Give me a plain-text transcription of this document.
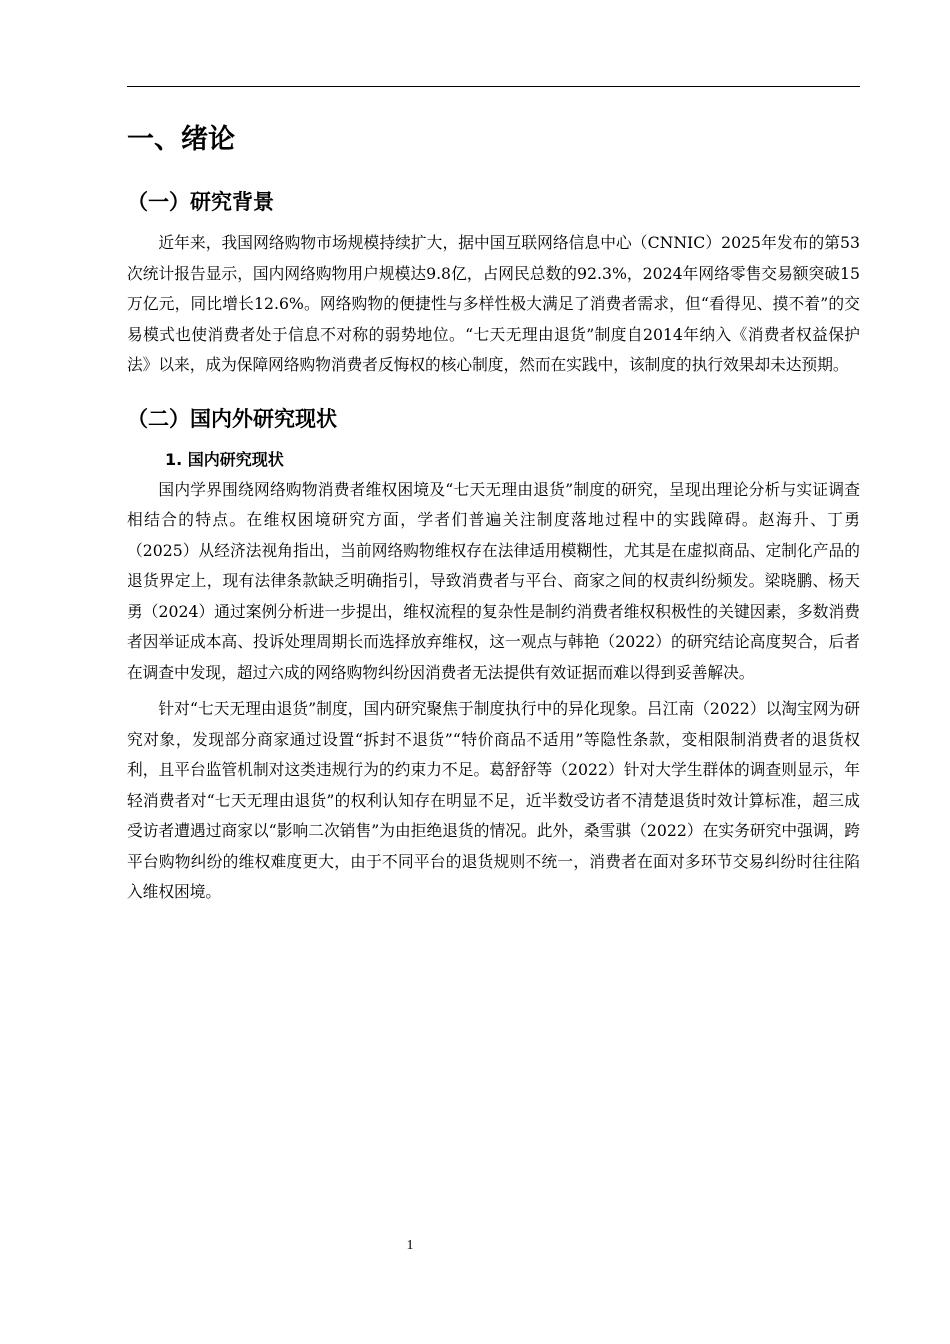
一、绪论
（一）研究背景

近年来，我国网络购物市场规模持续扩大，据中国互联网络信息中心（CNNIC）2025年发布的第53次统计报告显示，国内网络购物用户规模达9.8亿，占网民总数的92.3%，2024年网络零售交易额突破15万亿元，同比增长12.6%。网络购物的便捷性与多样性极大满足了消费者需求，但“看得见、摸不着”的交易模式也使消费者处于信息不对称的弱势地位。“七天无理由退货”制度自2014年纳入《消费者权益保护法》以来，成为保障网络购物消费者反悔权的核心制度，然而在实践中，该制度的执行效果却未达预期。

（二）国内外研究现状
1. 国内研究现状

国内学界围绕网络购物消费者维权困境及“七天无理由退货”制度的研究，呈现出理论分析与实证调查相结合的特点。在维权困境研究方面，学者们普遍关注制度落地过程中的实践障碍。赵海升、丁勇（2025）从经济法视角指出，当前网络购物维权存在法律适用模糊性，尤其是在虚拟商品、定制化产品的退货界定上，现有法律条款缺乏明确指引，导致消费者与平台、商家之间的权责纠纷频发。梁晓鹏、杨天勇（2024）通过案例分析进一步提出，维权流程的复杂性是制约消费者维权积极性的关键因素，多数消费者因举证成本高、投诉处理周期长而选择放弃维权，这一观点与韩艳（2022）的研究结论高度契合，后者在调查中发现，超过六成的网络购物纠纷因消费者无法提供有效证据而难以得到妥善解决。

针对“七天无理由退货”制度，国内研究聚焦于制度执行中的异化现象。吕江南（2022）以淘宝网为研究对象，发现部分商家通过设置“拆封不退货”“特价商品不适用”等隐性条款，变相限制消费者的退货权利，且平台监管机制对这类违规行为的约束力不足。葛舒舒等（2022）针对大学生群体的调查则显示，年轻消费者对“七天无理由退货”的权利认知存在明显不足，近半数受访者不清楚退货时效计算标准，超三成受访者遭遇过商家以“影响二次销售”为由拒绝退货的情况。此外，桑雪骐（2022）在实务研究中强调，跨平台购物纠纷的维权难度更大，由于不同平台的退货规则不统一，消费者在面对多环节交易纠纷时往往陷入维权困境。

1
